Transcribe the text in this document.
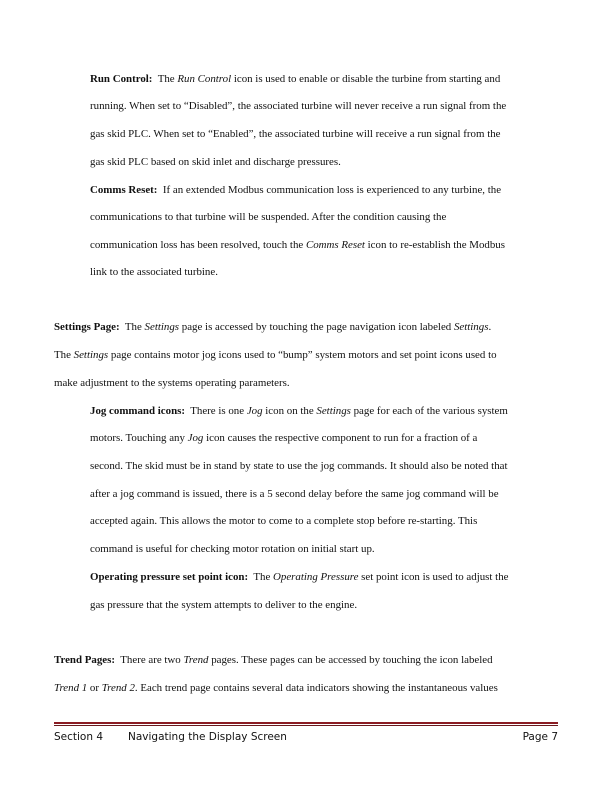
Run Control: The Run Control icon is used to enable or disable the turbine from starting and
running. When set to “Disabled”, the associated turbine will never receive a run signal from the
gas skid PLC. When set to “Enabled”, the associated turbine will receive a run signal from the
gas skid PLC based on skid inlet and discharge pressures.
Comms Reset: If an extended Modbus communication loss is experienced to any turbine, the
communications to that turbine will be suspended. After the condition causing the
communication loss has been resolved, touch the Comms Reset icon to re-establish the Modbus
link to the associated turbine.
Settings Page: The Settings page is accessed by touching the page navigation icon labeled Settings.
The Settings page contains motor jog icons used to “bump” system motors and set point icons used to
make adjustment to the systems operating parameters.
Jog command icons: There is one Jog icon on the Settings page for each of the various system
motors. Touching any Jog icon causes the respective component to run for a fraction of a
second. The skid must be in stand by state to use the jog commands. It should also be noted that
after a jog command is issued, there is a 5 second delay before the same jog command will be
accepted again. This allows the motor to come to a complete stop before re-starting. This
command is useful for checking motor rotation on initial start up.
Operating pressure set point icon: The Operating Pressure set point icon is used to adjust the
gas pressure that the system attempts to deliver to the engine.
Trend Pages: There are two Trend pages. These pages can be accessed by touching the icon labeled
Trend 1 or Trend 2. Each trend page contains several data indicators showing the instantaneous values
Section 4 Navigating the Display Screen	Page 7
